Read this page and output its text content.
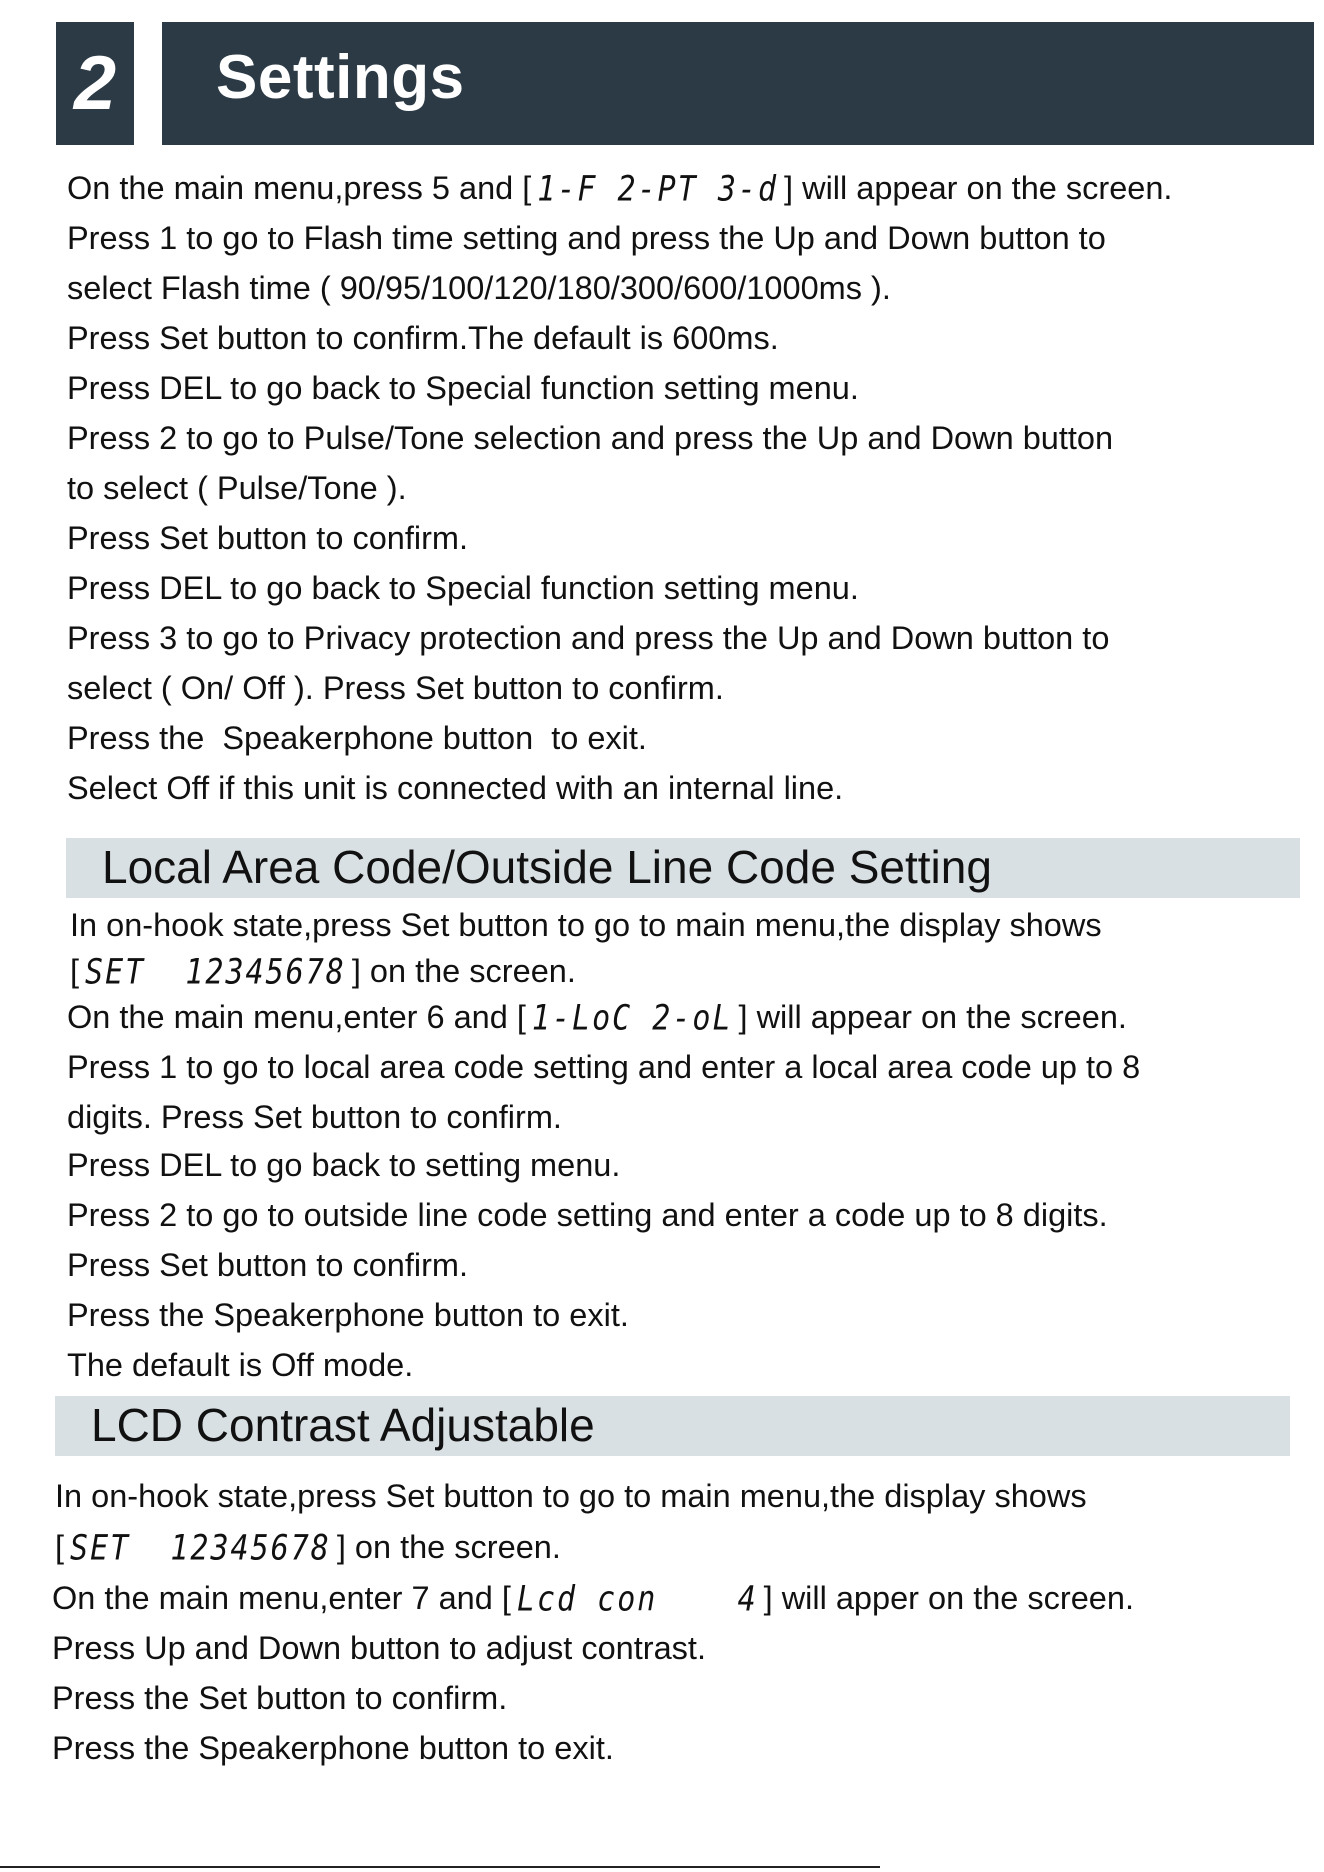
2 Settings
On the main menu,press 5 and [ 1-F 2-PT 3-d ] will appear on the screen.
Press 1 to go to Flash time setting and press the Up and Down button to
select Flash time ( 90/95/100/120/180/300/600/1000ms ).
Press Set button to confirm.The default is 600ms.
Press DEL to go back to Special function setting menu.
Press 2 to go to Pulse/Tone selection and press the Up and Down button
to select ( Pulse/Tone ).
Press Set button to confirm.
Press DEL to go back to Special function setting menu.
Press 3 to go to Privacy protection and press the Up and Down button to
select ( On/ Off ). Press Set button to confirm.
Press the  Speakerphone button  to exit.
Select Off if this unit is connected with an internal line.
Local Area Code/Outside Line Code Setting
In on-hook state,press Set button to go to main menu,the display shows
[ SET  12345678 ] on the screen.
On the main menu,enter 6 and [ 1-LoC 2-oL ] will appear on the screen.
Press 1 to go to local area code setting and enter a local area code up to 8
digits. Press Set button to confirm.
Press DEL to go back to setting menu.
Press 2 to go to outside line code setting and enter a code up to 8 digits.
Press Set button to confirm.
Press the Speakerphone button to exit.
The default is Off mode.
LCD Contrast Adjustable
In on-hook state,press Set button to go to main menu,the display shows
[ SET  12345678 ] on the screen.
On the main menu,enter 7 and [ Lcd con    4 ] will apper on the screen.
Press Up and Down button to adjust contrast.
Press the Set button to confirm.
Press the Speakerphone button to exit.
